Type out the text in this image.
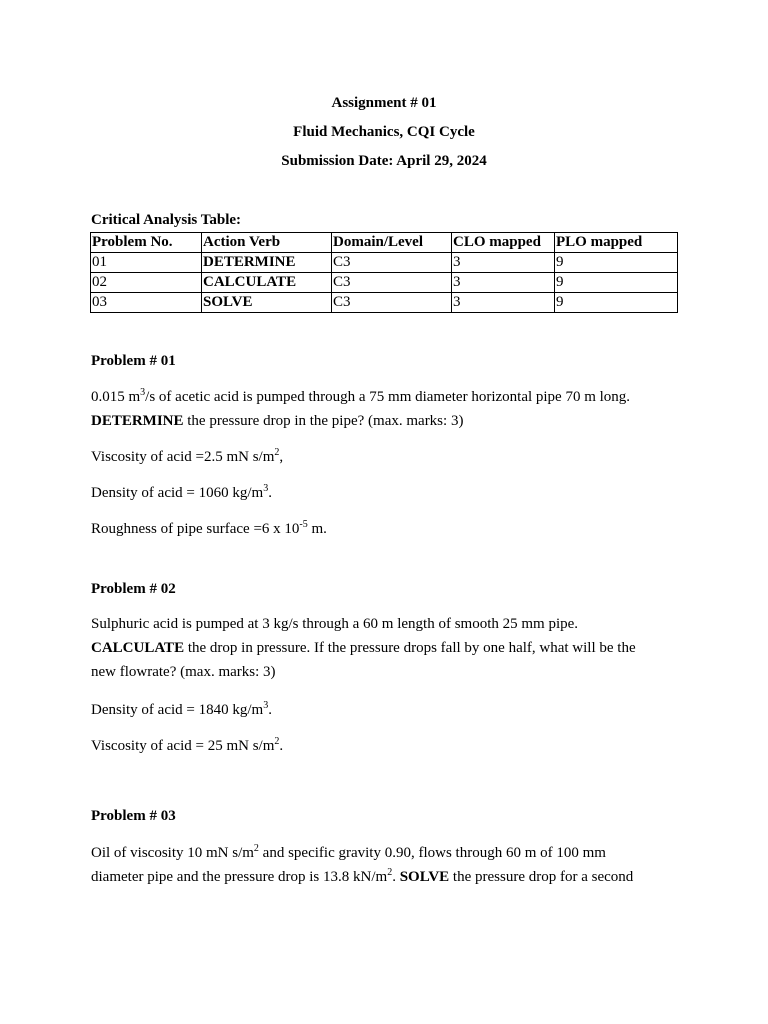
Assignment # 01
Fluid Mechanics, CQI Cycle
Submission Date: April 29, 2024
Critical Analysis Table:
Problem No.	Action Verb	Domain/Level	CLO mapped	PLO mapped
01	DETERMINE	C3	3	9
02	CALCULATE	C3	3	9
03	SOLVE	C3	3	9
Problem # 01
0.015 $m^3/s$ of acetic acid is pumped through a 75 mm diameter horizontal pipe 70 m long.
DETERMINE the pressure drop in the pipe? (max. marks: 3)
Viscosity of acid =2.5 mN $s/m^2$,
Density of acid = 1060 $kg/m^3$.
Roughness of pipe surface =6 x $10^{-5}$ m.
Problem # 02
Sulphuric acid is pumped at 3 kg/s through a 60 m length of smooth 25 mm pipe.
CALCULATE the drop in pressure. If the pressure drops fall by one half, what will be the
new flowrate? (max. marks: 3)
Density of acid = 1840 $kg/m^3$.
Viscosity of acid = 25 mN $s/m^2$.
Problem # 03
Oil of viscosity 10 mN $s/m^2$ and specific gravity 0.90, flows through 60 m of 100 mm
diameter pipe and the pressure drop is 13.8 $kN/m^2$. SOLVE the pressure drop for a second
